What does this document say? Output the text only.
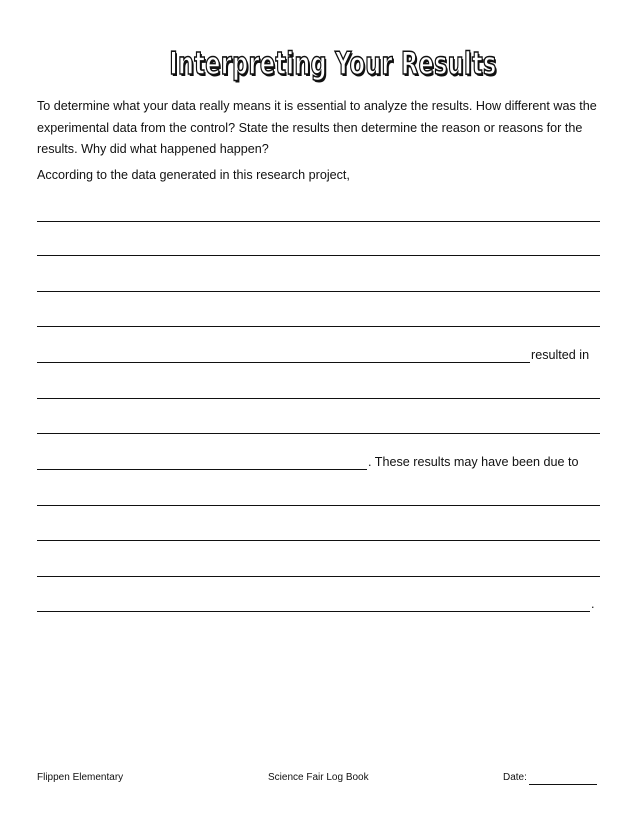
Interpreting Your Results

To determine what your data really means it is essential to analyze the results. How different was the experimental data from the control? State the results then determine the reason or reasons for the results. Why did what happened happen?

According to the data generated in this research project,

resulted in
. These results may have been due to
.
Flippen Elementary	Science Fair Log Book	Date:
